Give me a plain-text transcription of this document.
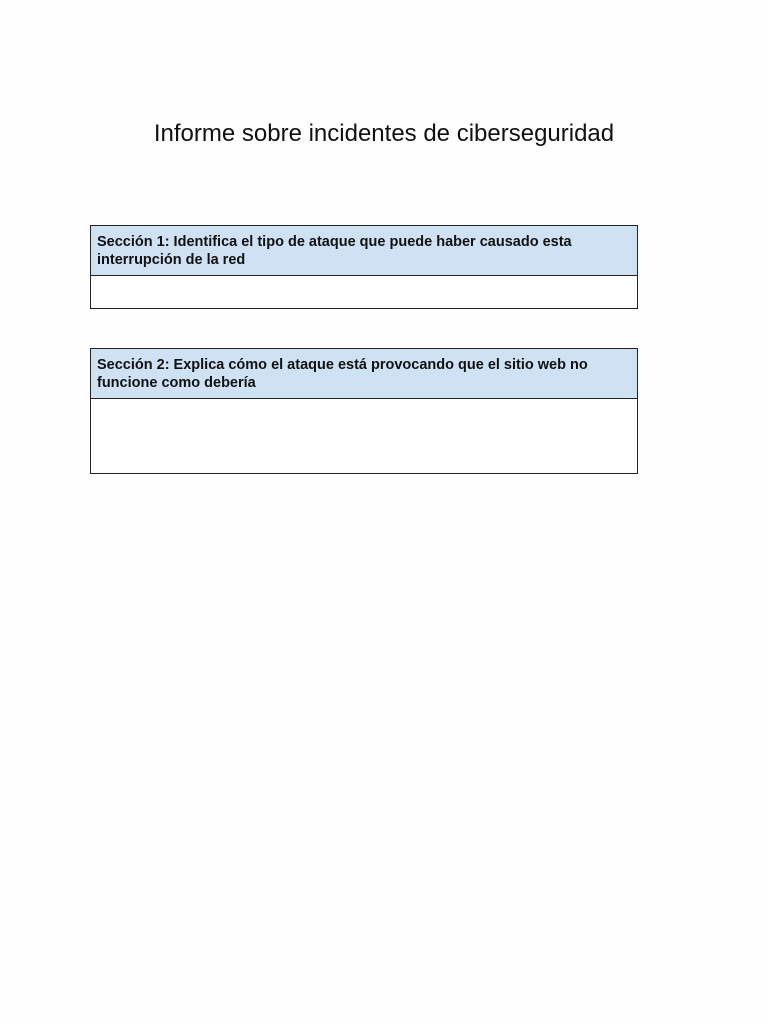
Informe sobre incidentes de ciberseguridad
Sección 1: Identifica el tipo de ataque que puede haber causado esta interrupción de la red
Sección 2: Explica cómo el ataque está provocando que el sitio web no funcione como debería
